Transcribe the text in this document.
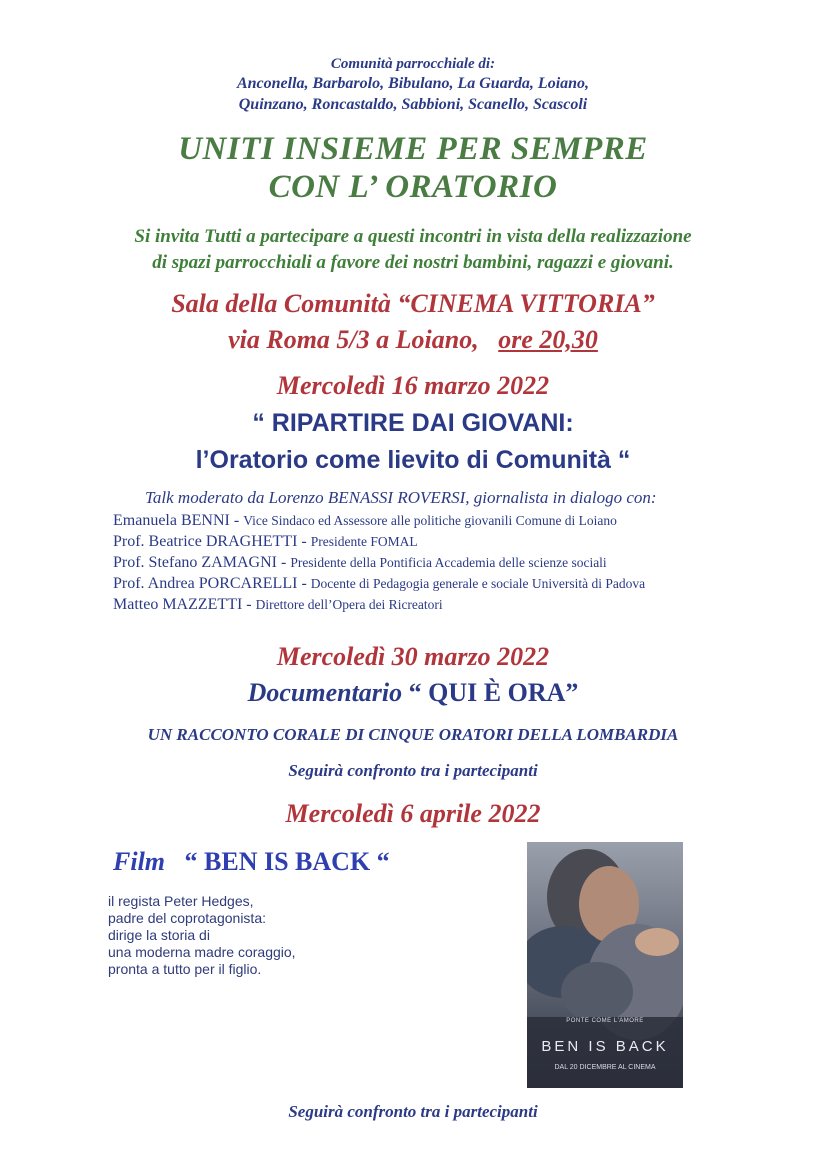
Comunità parrocchiale di:
Anconella, Barbarolo, Bibulano, La Guarda, Loiano,
Quinzano, Roncastaldo, Sabbioni, Scanello, Scascoli
UNITI INSIEME PER SEMPRE
CON L’ ORATORIO
Si invita Tutti a partecipare a questi incontri in vista della realizzazione
di spazi parrocchiali a favore dei nostri bambini, ragazzi e giovani.
Sala della Comunità “CINEMA VITTORIA”
via Roma 5/3 a Loiano, ore 20,30
Mercoledì 16 marzo 2022
“ RIPARTIRE DAI GIOVANI:
l’Oratorio come lievito di Comunità “
Talk moderato da Lorenzo BENASSI ROVERSI, giornalista in dialogo con:
Emanuela BENNI - Vice Sindaco ed Assessore alle politiche giovanili Comune di Loiano
Prof. Beatrice DRAGHETTI - Presidente FOMAL
Prof. Stefano ZAMAGNI - Presidente della Pontificia Accademia delle scienze sociali
Prof. Andrea PORCARELLI - Docente di Pedagogia generale e sociale Università di Padova
Matteo MAZZETTI - Direttore dell’Opera dei Ricreatori
Mercoledì 30 marzo 2022
Documentario “ QUI È ORA”
UN RACCONTO CORALE DI CINQUE ORATORI DELLA LOMBARDIA
Seguirà confronto tra i partecipanti
Mercoledì 6 aprile 2022
Film “ BEN IS BACK “
il regista Peter Hedges,
padre del coprotagonista:
dirige la storia di
una moderna madre coraggio,
pronta a tutto per il figlio.
PONTE COME L'AMORE
BEN IS BACK
DAL 20 DICEMBRE AL CINEMA
Seguirà confronto tra i partecipanti
